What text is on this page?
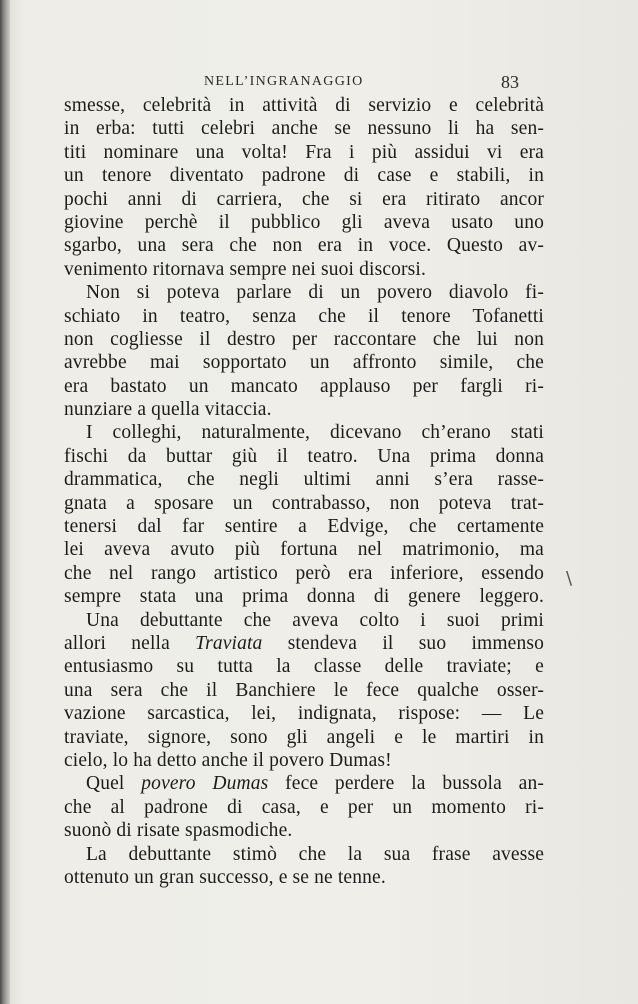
NELL’INGRANAGGIO	83
smesse, celebrità in attività di servizio e celebrità
in erba: tutti celebri anche se nessuno li ha sen-
titi nominare una volta! Fra i più assidui vi era
un tenore diventato padrone di case e stabili, in
pochi anni di carriera, che si era ritirato ancor
giovine perchè il pubblico gli aveva usato uno
sgarbo, una sera che non era in voce. Questo av-
venimento ritornava sempre nei suoi discorsi.
Non si poteva parlare di un povero diavolo fi-
schiato in teatro, senza che il tenore Tofanetti
non cogliesse il destro per raccontare che lui non
avrebbe mai sopportato un affronto simile, che
era bastato un mancato applauso per fargli ri-
nunziare a quella vitaccia.
I colleghi, naturalmente, dicevano ch’erano stati
fischi da buttar giù il teatro. Una prima donna
drammatica, che negli ultimi anni s’era rasse-
gnata a sposare un contrabasso, non poteva trat-
tenersi dal far sentire a Edvige, che certamente
lei aveva avuto più fortuna nel matrimonio, ma
che nel rango artistico però era inferiore, essendo
sempre stata una prima donna di genere leggero.
Una debuttante che aveva colto i suoi primi
allori nella Traviata stendeva il suo immenso
entusiasmo su tutta la classe delle traviate; e
una sera che il Banchiere le fece qualche osser-
vazione sarcastica, lei, indignata, rispose: — Le
traviate, signore, sono gli angeli e le martiri in
cielo, lo ha detto anche il povero Dumas!
Quel povero Dumas fece perdere la bussola an-
che al padrone di casa, e per un momento ri-
suonò di risate spasmodiche.
La debuttante stimò che la sua frase avesse
ottenuto un gran successo, e se ne tenne.
\
